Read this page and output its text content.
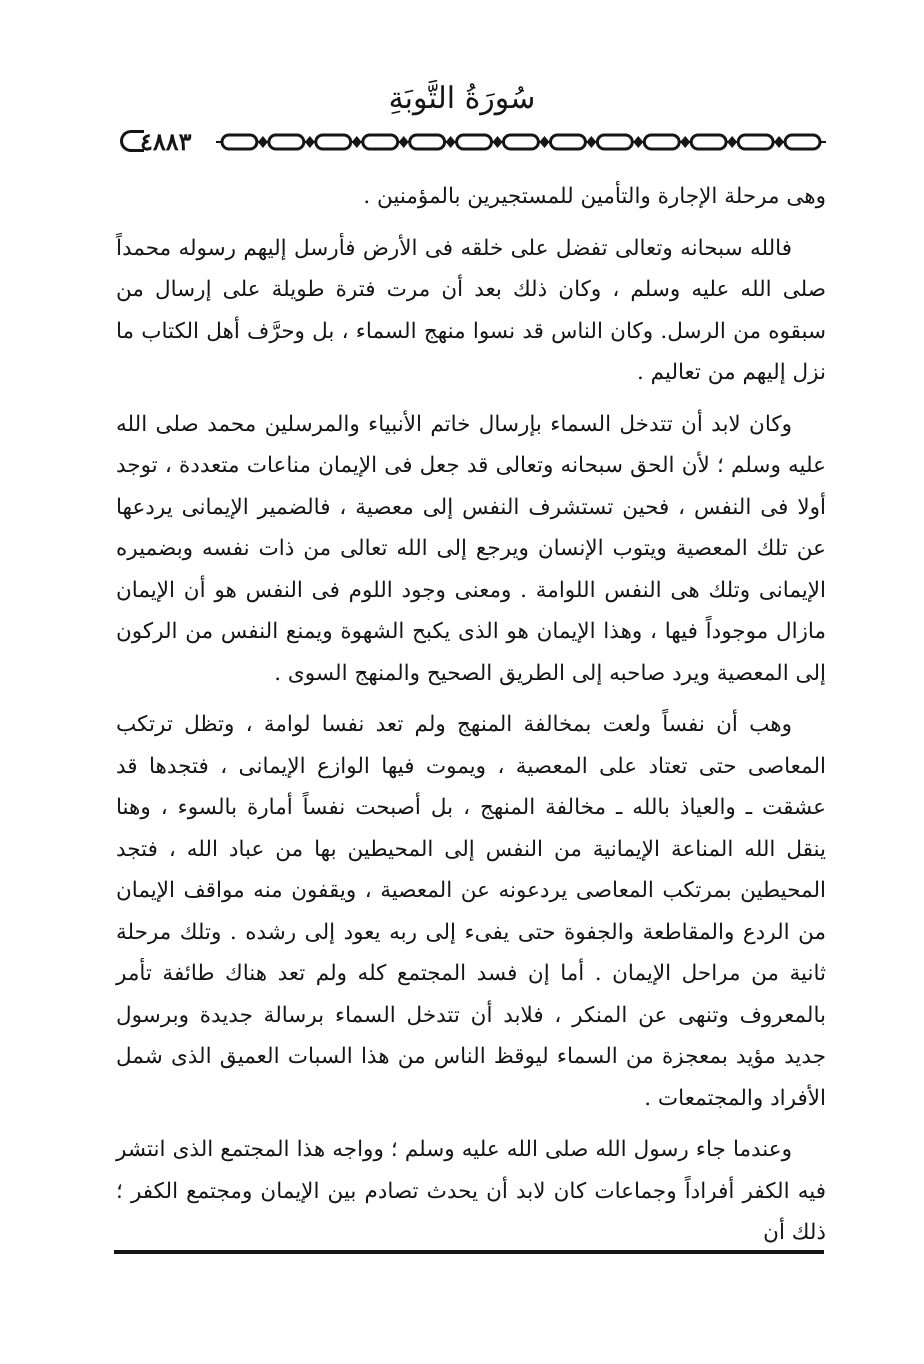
سُورَةُ التَّوبَةِ
٤٨٨٣

وهى مرحلة الإجارة والتأمين للمستجيرين بالمؤمنين .

فالله سبحانه وتعالى تفضل على خلقه فى الأرض فأرسل إليهم رسوله محمداً صلى الله عليه وسلم ، وكان ذلك بعد أن مرت فترة طويلة على إرسال من سبقوه من الرسل. وكان الناس قد نسوا منهج السماء ، بل وحرَّف أهل الكتاب ما نزل إليهم من تعاليم .

وكان لابد أن تتدخل السماء بإرسال خاتم الأنبياء والمرسلين محمد صلى الله عليه وسلم ؛ لأن الحق سبحانه وتعالى قد جعل فى الإيمان مناعات متعددة ، توجد أولا فى النفس ، فحين تستشرف النفس إلى معصية ، فالضمير الإيمانى يردعها عن تلك المعصية ويتوب الإنسان ويرجع إلى الله تعالى من ذات نفسه وبضميره الإيمانى وتلك هى النفس اللوامة . ومعنى وجود اللوم فى النفس هو أن الإيمان مازال موجوداً فيها ، وهذا الإيمان هو الذى يكبح الشهوة ويمنع النفس من الركون إلى المعصية ويرد صاحبه إلى الطريق الصحيح والمنهج السوى .

وهب أن نفساً ولعت بمخالفة المنهج ولم تعد نفسا لوامة ، وتظل ترتكب المعاصى حتى تعتاد على المعصية ، ويموت فيها الوازع الإيمانى ، فتجدها قد عشقت ـ والعياذ بالله ـ مخالفة المنهج ، بل أصبحت نفساً أمارة بالسوء ، وهنا ينقل الله المناعة الإيمانية من النفس إلى المحيطين بها من عباد الله ، فتجد المحيطين بمرتكب المعاصى يردعونه عن المعصية ، ويقفون منه مواقف الإيمان من الردع والمقاطعة والجفوة حتى يفىء إلى ربه يعود إلى رشده . وتلك مرحلة ثانية من مراحل الإيمان . أما إن فسد المجتمع كله ولم تعد هناك طائفة تأمر بالمعروف وتنهى عن المنكر ، فلابد أن تتدخل السماء برسالة جديدة وبرسول جديد مؤيد بمعجزة من السماء ليوقظ الناس من هذا السبات العميق الذى شمل الأفراد والمجتمعات .

وعندما جاء رسول الله صلى الله عليه وسلم ؛ وواجه هذا المجتمع الذى انتشر فيه الكفر أفراداً وجماعات كان لابد أن يحدث تصادم بين الإيمان ومجتمع الكفر ؛ ذلك أن
